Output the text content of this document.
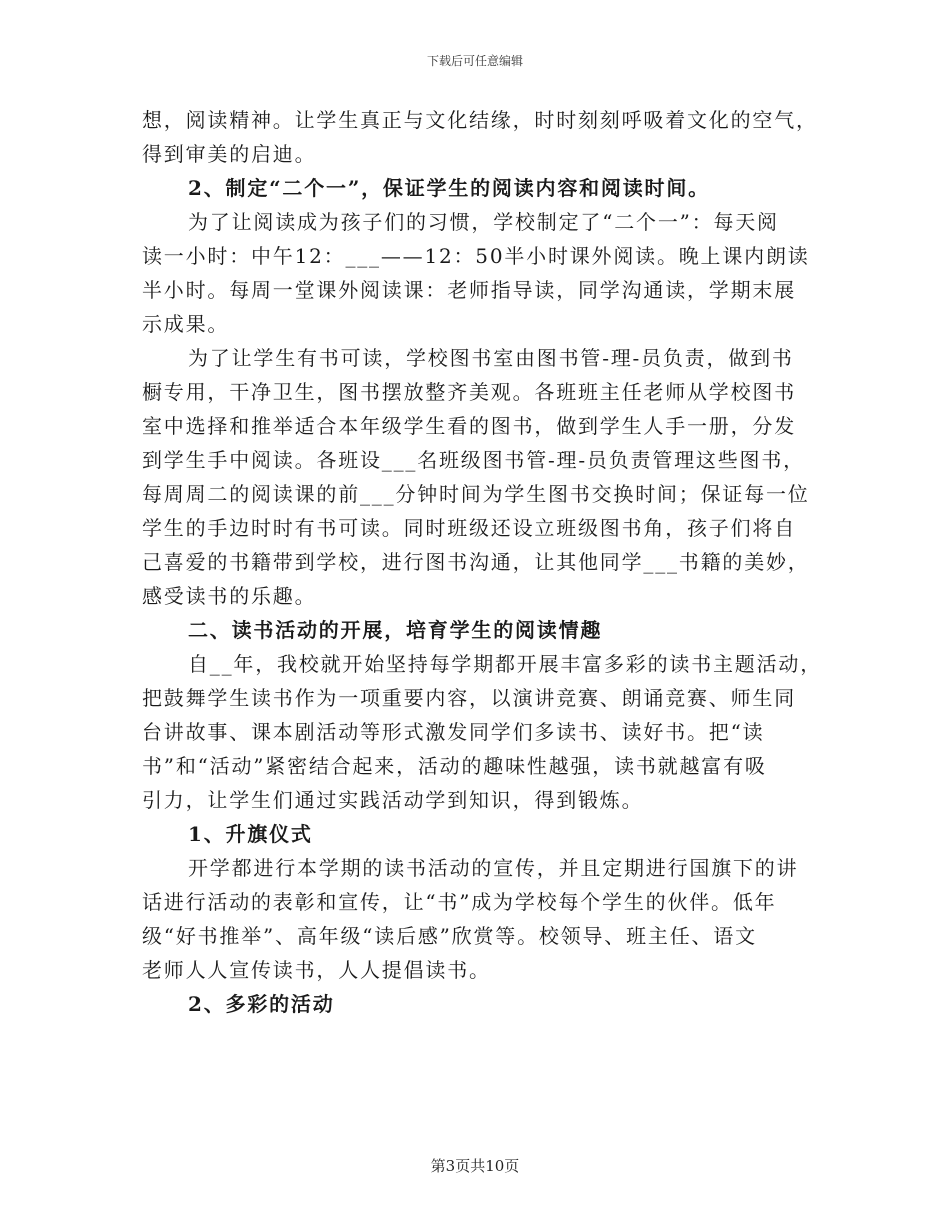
下载后可任意编辑
想，阅读精神。让学生真正与文化结缘，时时刻刻呼吸着文化的空气，
得到审美的启迪。
2、制定“二个一”，保证学生的阅读内容和阅读时间。
为了让阅读成为孩子们的习惯，学校制定了“二个一”：每天阅
读一小时：中午12：___——12：50半小时课外阅读。晚上课内朗读
半小时。每周一堂课外阅读课：老师指导读，同学沟通读，学期末展
示成果。
为了让学生有书可读，学校图书室由图书管-理-员负责，做到书
橱专用，干净卫生，图书摆放整齐美观。各班班主任老师从学校图书
室中选择和推举适合本年级学生看的图书，做到学生人手一册，分发
到学生手中阅读。各班设___名班级图书管-理-员负责管理这些图书，
每周周二的阅读课的前___分钟时间为学生图书交换时间；保证每一位
学生的手边时时有书可读。同时班级还设立班级图书角，孩子们将自
己喜爱的书籍带到学校，进行图书沟通，让其他同学___书籍的美妙，
感受读书的乐趣。
二、读书活动的开展，培育学生的阅读情趣
自__年，我校就开始坚持每学期都开展丰富多彩的读书主题活动，
把鼓舞学生读书作为一项重要内容，以演讲竞赛、朗诵竞赛、师生同
台讲故事、课本剧活动等形式激发同学们多读书、读好书。把“读
书”和“活动”紧密结合起来，活动的趣味性越强，读书就越富有吸
引力，让学生们通过实践活动学到知识，得到锻炼。
1、升旗仪式
开学都进行本学期的读书活动的宣传，并且定期进行国旗下的讲
话进行活动的表彰和宣传，让“书”成为学校每个学生的伙伴。低年
级“好书推举”、高年级“读后感”欣赏等。校领导、班主任、语文
老师人人宣传读书，人人提倡读书。
2、多彩的活动
第3页共10页
